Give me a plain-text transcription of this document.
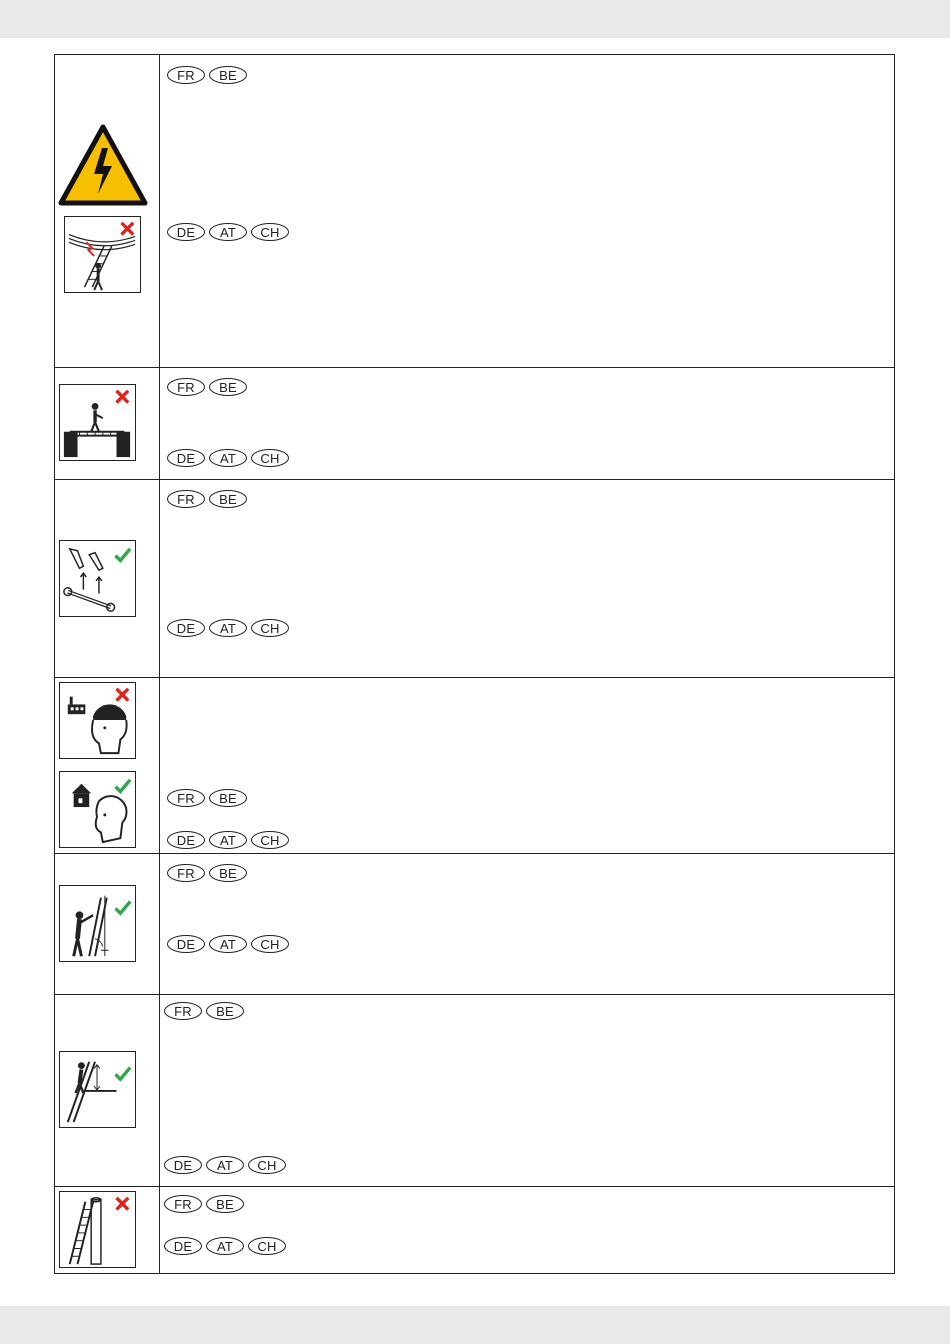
FR	BE
DE	AT	CH
FR	BE
DE	AT	CH
FR	BE
DE	AT	CH
FR	BE
DE	AT	CH
FR	BE
DE	AT	CH
FR	BE
DE	AT	CH
FR	BE
DE	AT	CH
